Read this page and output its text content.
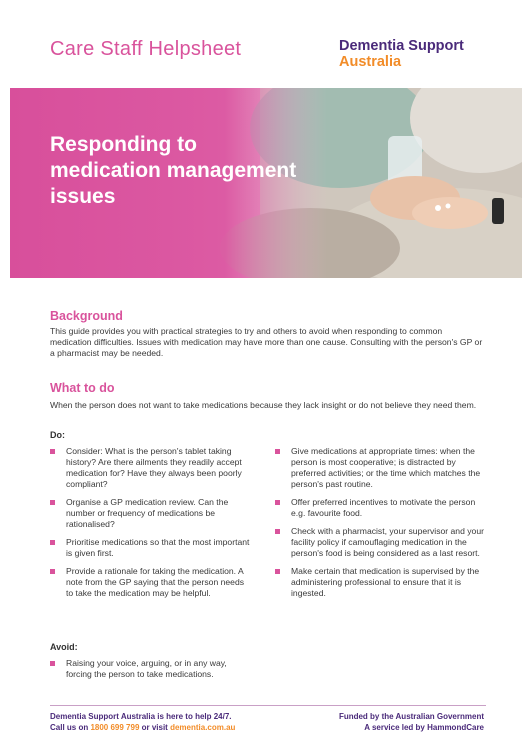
Care Staff Helpsheet	Dementia Support
Australia
Responding to medication management issues
Background
This guide provides you with practical strategies to try and others to avoid when responding to common medication difficulties. Issues with medication may have more than one cause. Consulting with the person's GP or a pharmacist may be needed.
What to do
When the person does not want to take medications because they lack insight or do not believe they need them.
Do:
Consider: What is the person's tablet taking history? Are there ailments they readily accept medication for? Have they always been poorly compliant?
Organise a GP medication review. Can the number or frequency of medications be rationalised?
Prioritise medications so that the most important is given first.
Provide a rationale for taking the medication. A note from the GP saying that the person needs to take the medication may be helpful.
Give medications at appropriate times: when the person is most cooperative; is distracted by preferred activities; or the time which matches the person's past routine.
Offer preferred incentives to motivate the person e.g. favourite food.
Check with a pharmacist, your supervisor and your facility policy if camouflaging medication in the person's food is being considered as a last resort.
Make certain that medication is supervised by the administering professional to ensure that it is ingested.
Avoid:
Raising your voice, arguing, or in any way, forcing the person to take medications.
Dementia Support Australia is here to help 24/7.
Call us on 1800 699 799 or visit dementia.com.au
Funded by the Australian Government
A service led by HammondCare
